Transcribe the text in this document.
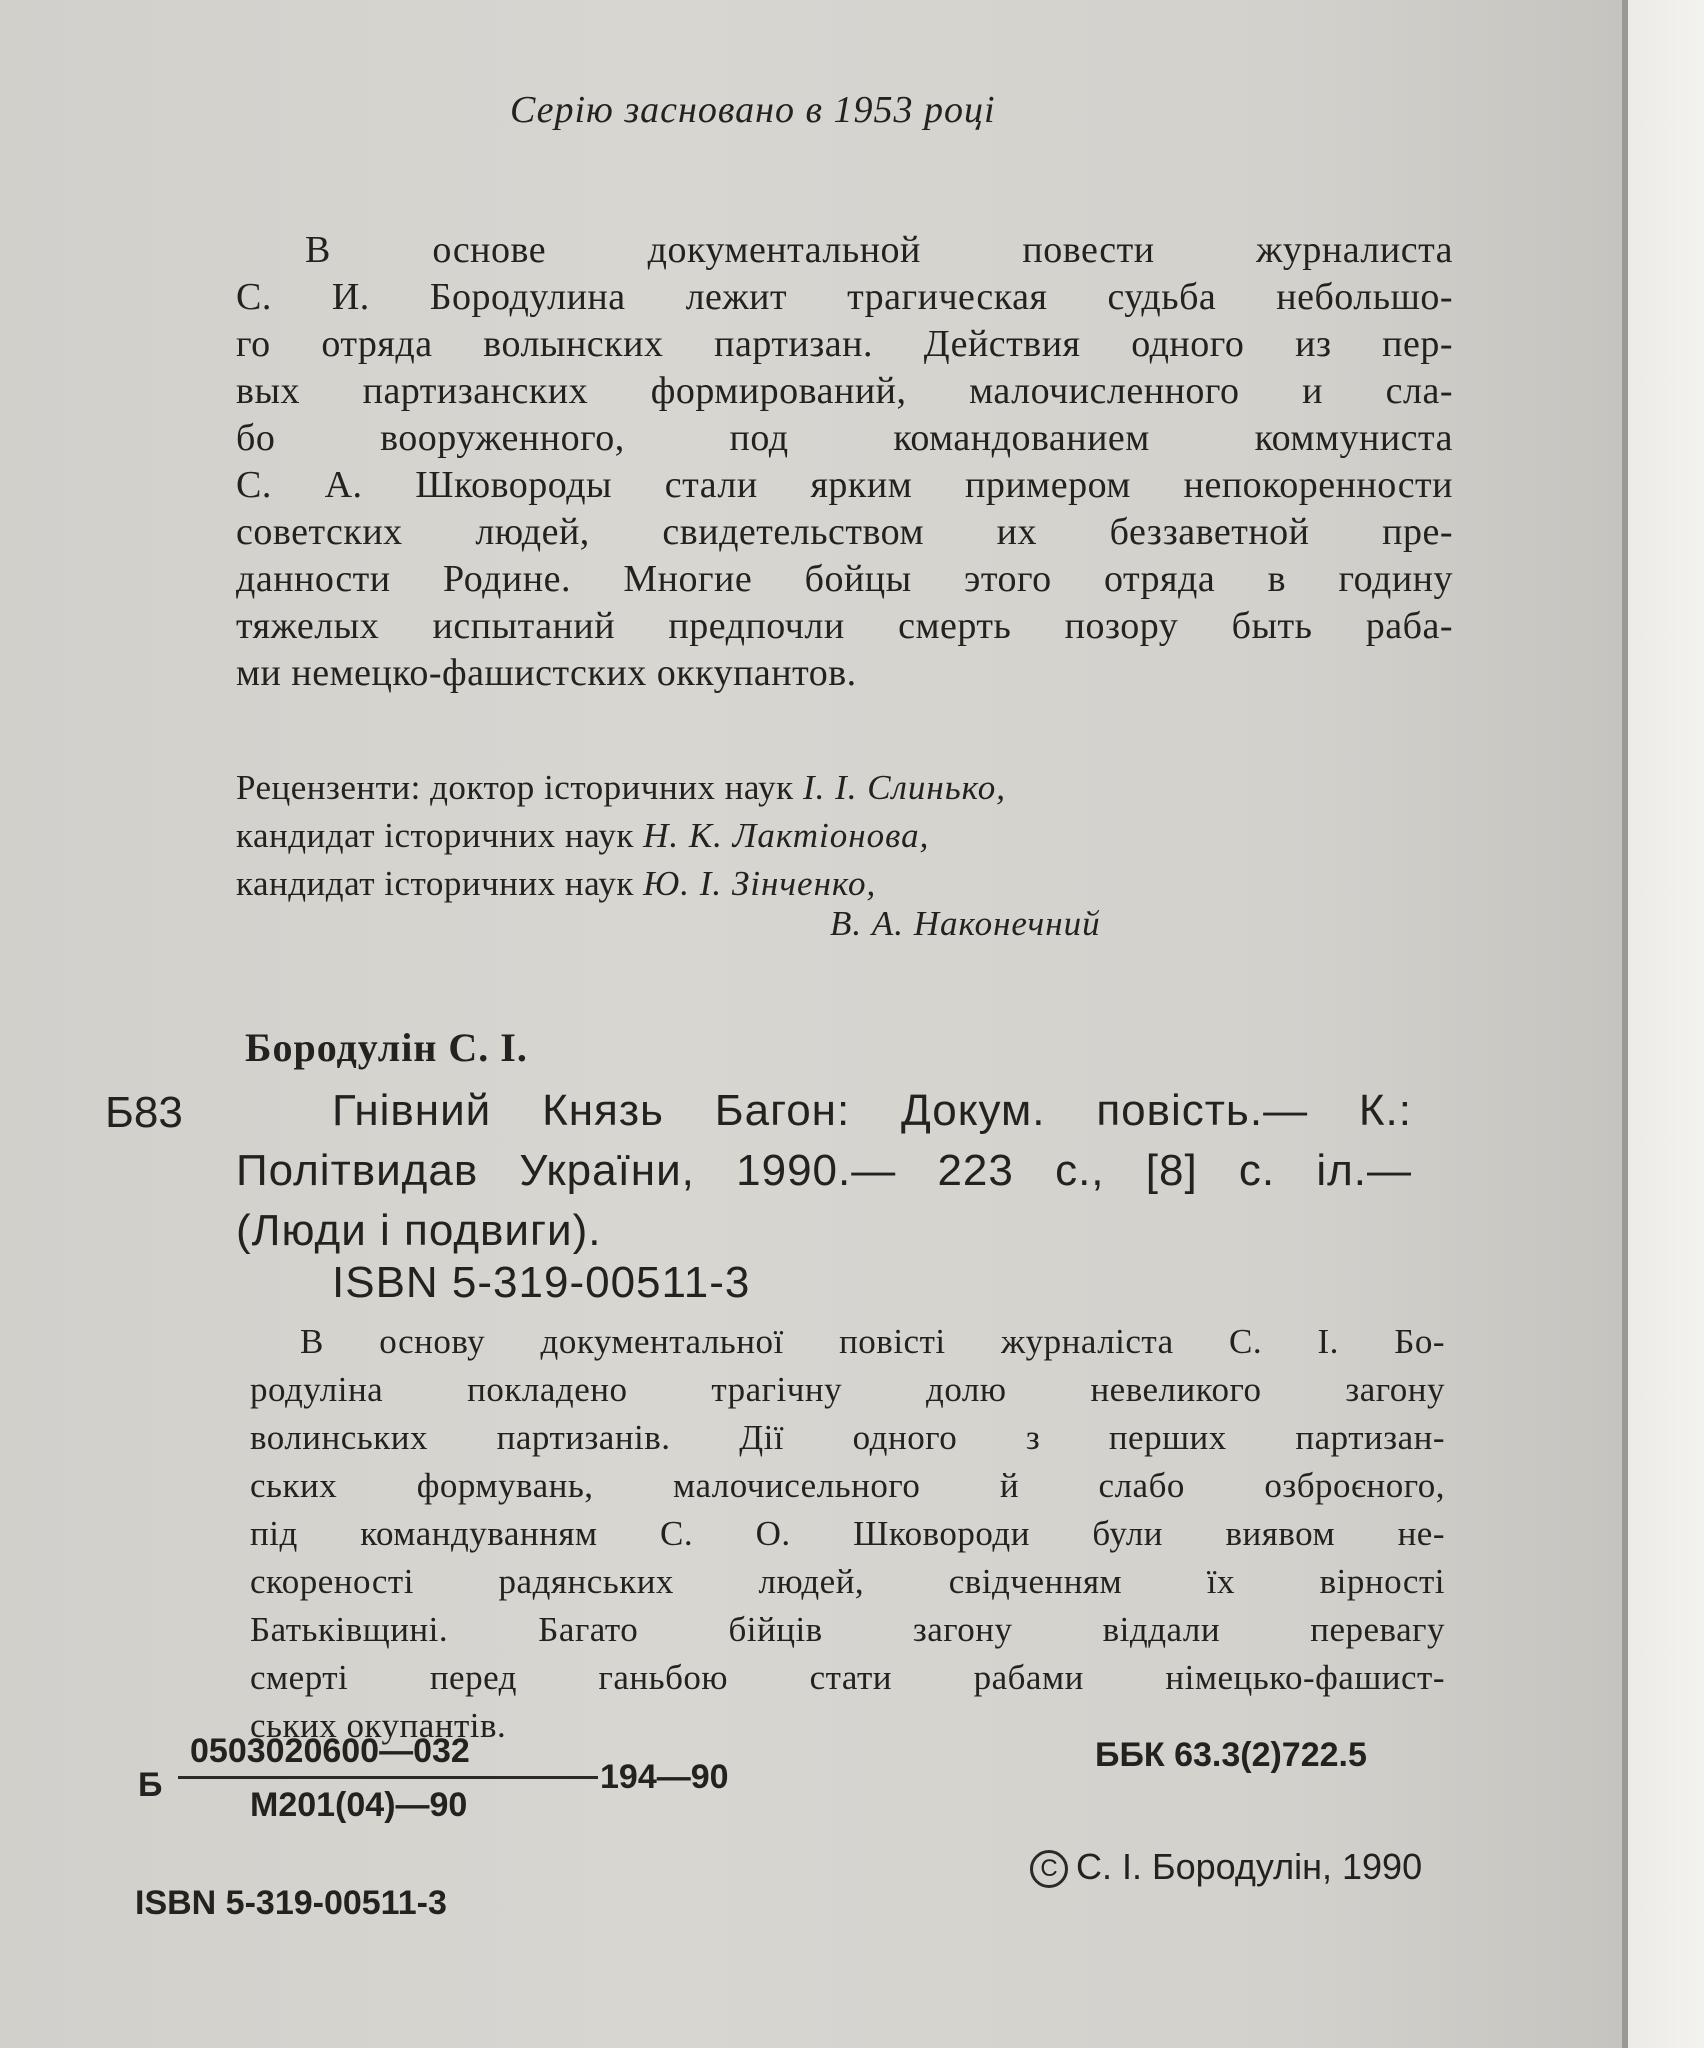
Серію засновано в 1953 році

В основе документальной повести журналиста

С. И. Бородулина лежит трагическая судьба небольшо-

го отряда волынских партизан. Действия одного из пер-

вых партизанских формирований, малочисленного и сла-

бо вооруженного, под командованием коммуниста

С. А. Шковороды стали ярким примером непокоренности

советских людей, свидетельством их беззаветной пре-

данности Родине. Многие бойцы этого отряда в годину

тяжелых испытаний предпочли смерть позору быть раба-

ми немецко-фашистских оккупантов.

Рецензенти: доктор історичних наук І. І. Слинько,

кандидат історичних наук Н. К. Лактіонова,

кандидат історичних наук Ю. І. Зінченко,

В. А. Наконечний

Бородулін С. І.

Б83	Гнівний Князь Багон: Докум. повість.— К.:

Політвидав України, 1990.— 223 с., [8] с. іл.—

(Люди і подвиги).

ISBN 5-319-00511-3

В основу документальної повісті журналіста С. І. Бо-

родуліна покладено трагічну долю невеликого загону

волинських партизанів. Дії одного з перших партизан-

ських формувань, малочисельного й слабо озброєного,

під командуванням С. О. Шковороди були виявом не-

скореності радянських людей, свідченням їх вірності

Батьківщині. Багато бійців загону віддали перевагу

смерті перед ганьбою стати рабами німецько-фашист-

ських окупантів.

Б

0503020600—032

М201(04)—90

194—90

ББК 63.3(2)722.5

ISBN 5-319-00511-3

C С. І. Бородулін, 1990
